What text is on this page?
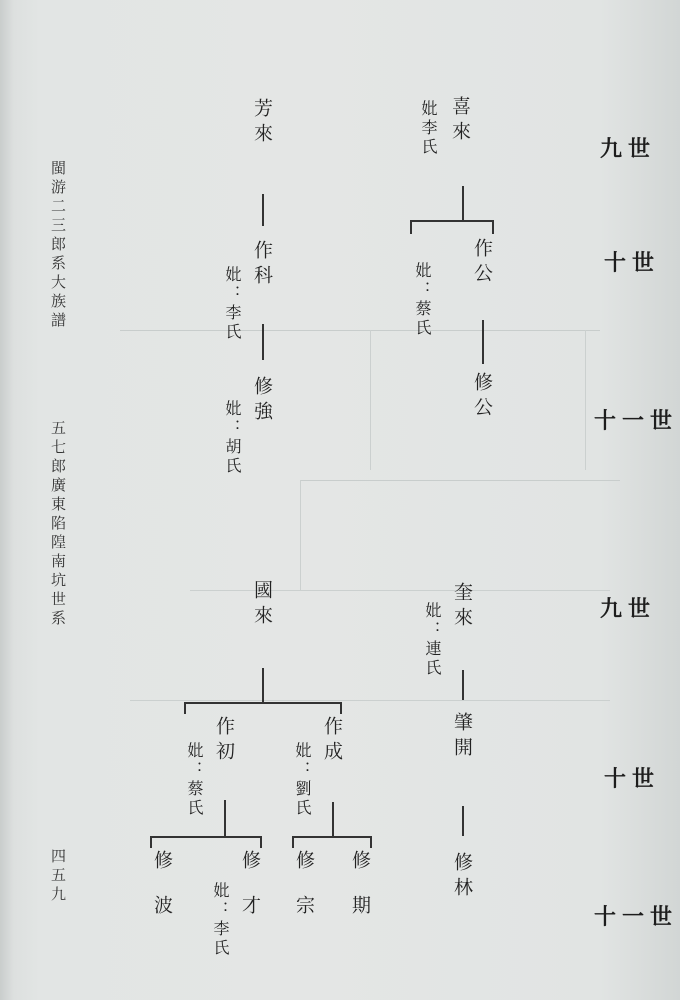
閩游二三郎系大族譜
五七郎廣東陷隍南坑世系
四五九
九世
十世
十一世
九世
十世
十一世
喜來
妣李氏
作公
妣：蔡氏
修公
芳來
作科
妣：李氏
修強
妣：胡氏
奎來
妣：連氏
肇開
修林
國來
作成
妣：劉氏
修期
修宗
作初
妣：蔡氏
修才
妣：李氏
修波
